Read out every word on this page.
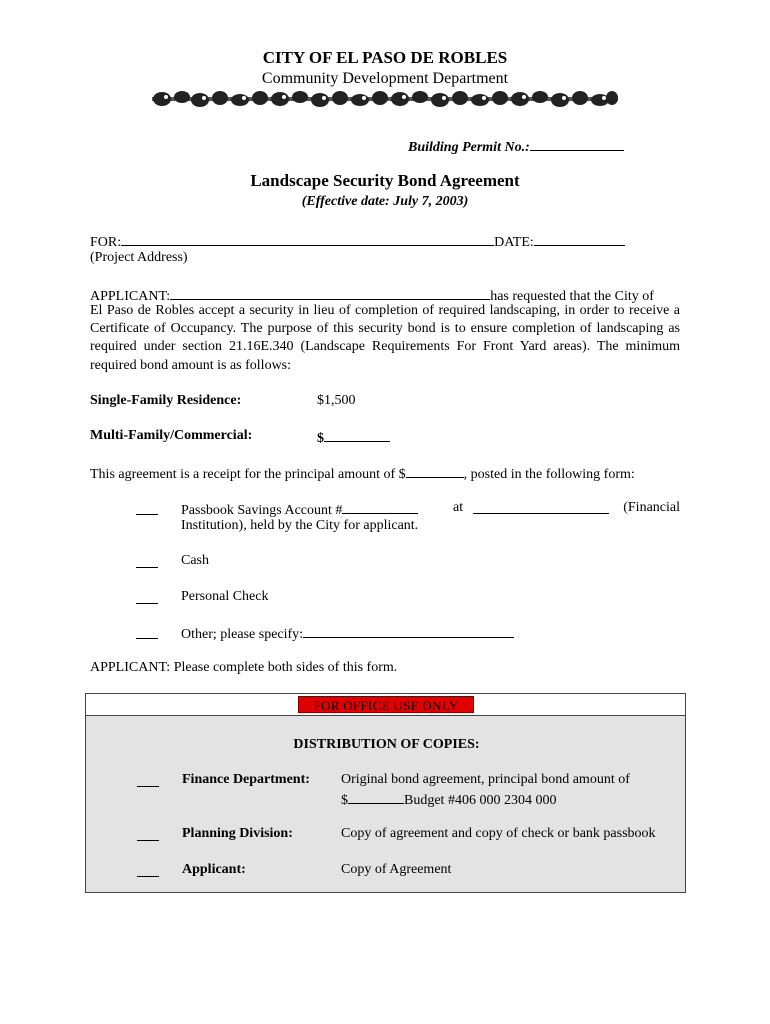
CITY OF EL PASO DE ROBLES
Community Development Department
Building Permit No.:
Landscape Security Bond Agreement
(Effective date: July 7, 2003)
FOR:	DATE:
(Project Address)
APPLICANT:	has requested that the City of
El Paso de Robles accept a security in lieu of completion of required landscaping, in order to receive a Certificate of Occupancy. The purpose of this security bond is to ensure completion of landscaping as required under section 21.16E.340 (Landscape Requirements For Front Yard areas). The minimum required bond amount is as follows:
Single-Family Residence:	$1,500
Multi-Family/Commercial:	$
This agreement is a receipt for the principal amount of $	, posted in the following form:
Passbook Savings Account #	at	(Financial
Institution), held by the City for applicant.
Cash
Personal Check
Other; please specify:
APPLICANT: Please complete both sides of this form.
FOR OFFICE USE ONLY
DISTRIBUTION OF COPIES:
Finance Department: Original bond agreement, principal bond amount of
$	Budget #406 000 2304 000
Planning Division:	Copy of agreement and copy of check or bank passbook
Applicant:	Copy of Agreement
